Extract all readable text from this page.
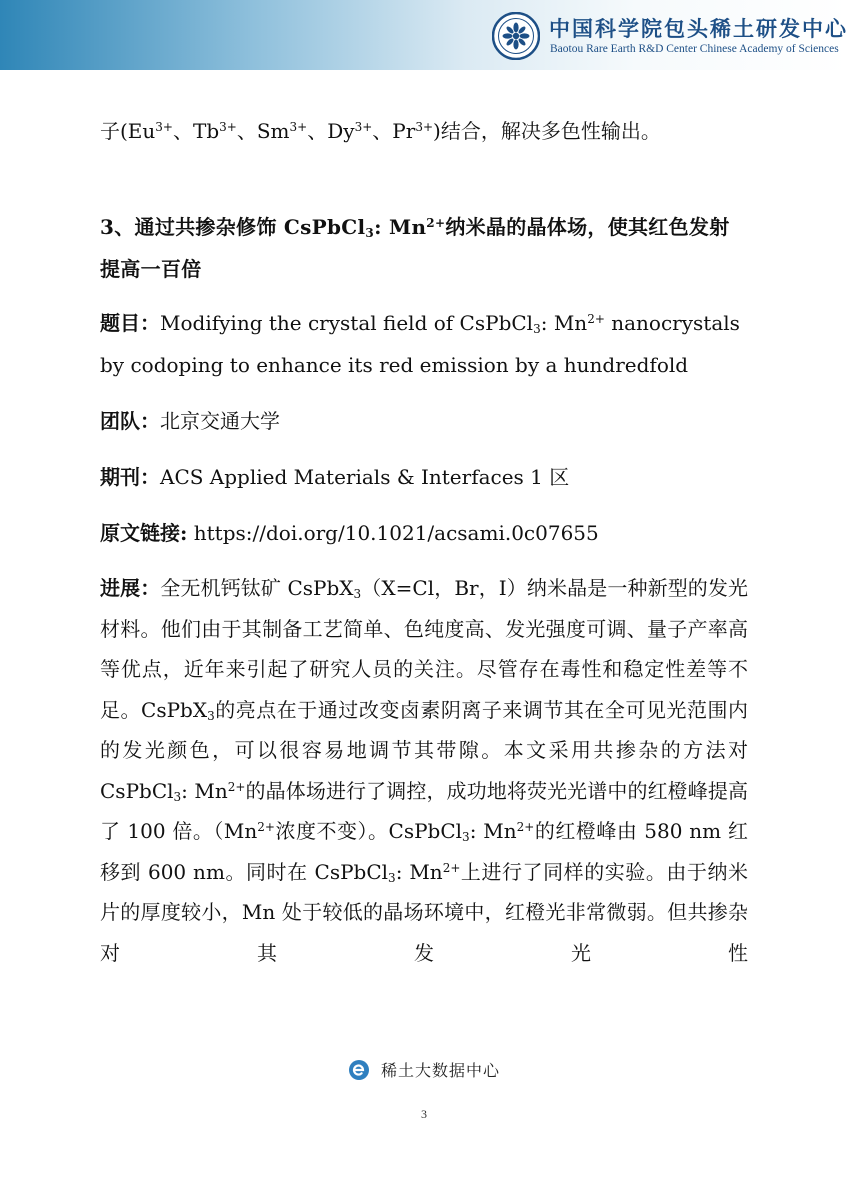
中国科学院包头稀土研发中心
Baotou Rare Earth R&D Center Chinese Academy of Sciences

子($Eu^{3+}$、$Tb^{3+}$、$Sm^{3+}$、$Dy^{3+}$、$Pr^{3+}$)结合，解决多色性输出。

3、通过共掺杂修饰 CsPbCl$_3$: $Mn^{2+}$纳米晶的晶体场，使其红色发射提高一百倍

题目：Modifying the crystal field of CsPbCl$_3$: $Mn^{2+}$ nanocrystals by codoping to enhance its red emission by a hundredfold

团队：北京交通大学

期刊：ACS Applied Materials & Interfaces 1 区

原文链接: https://doi.org/10.1021/acsami.0c07655

进展：全无机钙钛矿 CsPbX$_3$（X=Cl，Br，I）纳米晶是一种新型的发光材料。他们由于其制备工艺简单、色纯度高、发光强度可调、量子产率高等优点，近年来引起了研究人员的关注。尽管存在毒性和稳定性差等不足。CsPbX$_3$的亮点在于通过改变卤素阴离子来调节其在全可见光范围内的发光颜色，可以很容易地调节其带隙。本文采用共掺杂的方法对 CsPbCl$_3$: $Mn^{2+}$的晶体场进行了调控，成功地将荧光光谱中的红橙峰提高了 100 倍。（$Mn^{2+}$浓度不变）。CsPbCl$_3$: $Mn^{2+}$的红橙峰由 580 nm 红移到 600 nm。同时在 CsPbCl$_3$: $Mn^{2+}$上进行了同样的实验。由于纳米片的厚度较小，Mn 处于较低的晶场环境中，红橙光非常微弱。但共掺杂对其发光性

稀土大数据中心
3
